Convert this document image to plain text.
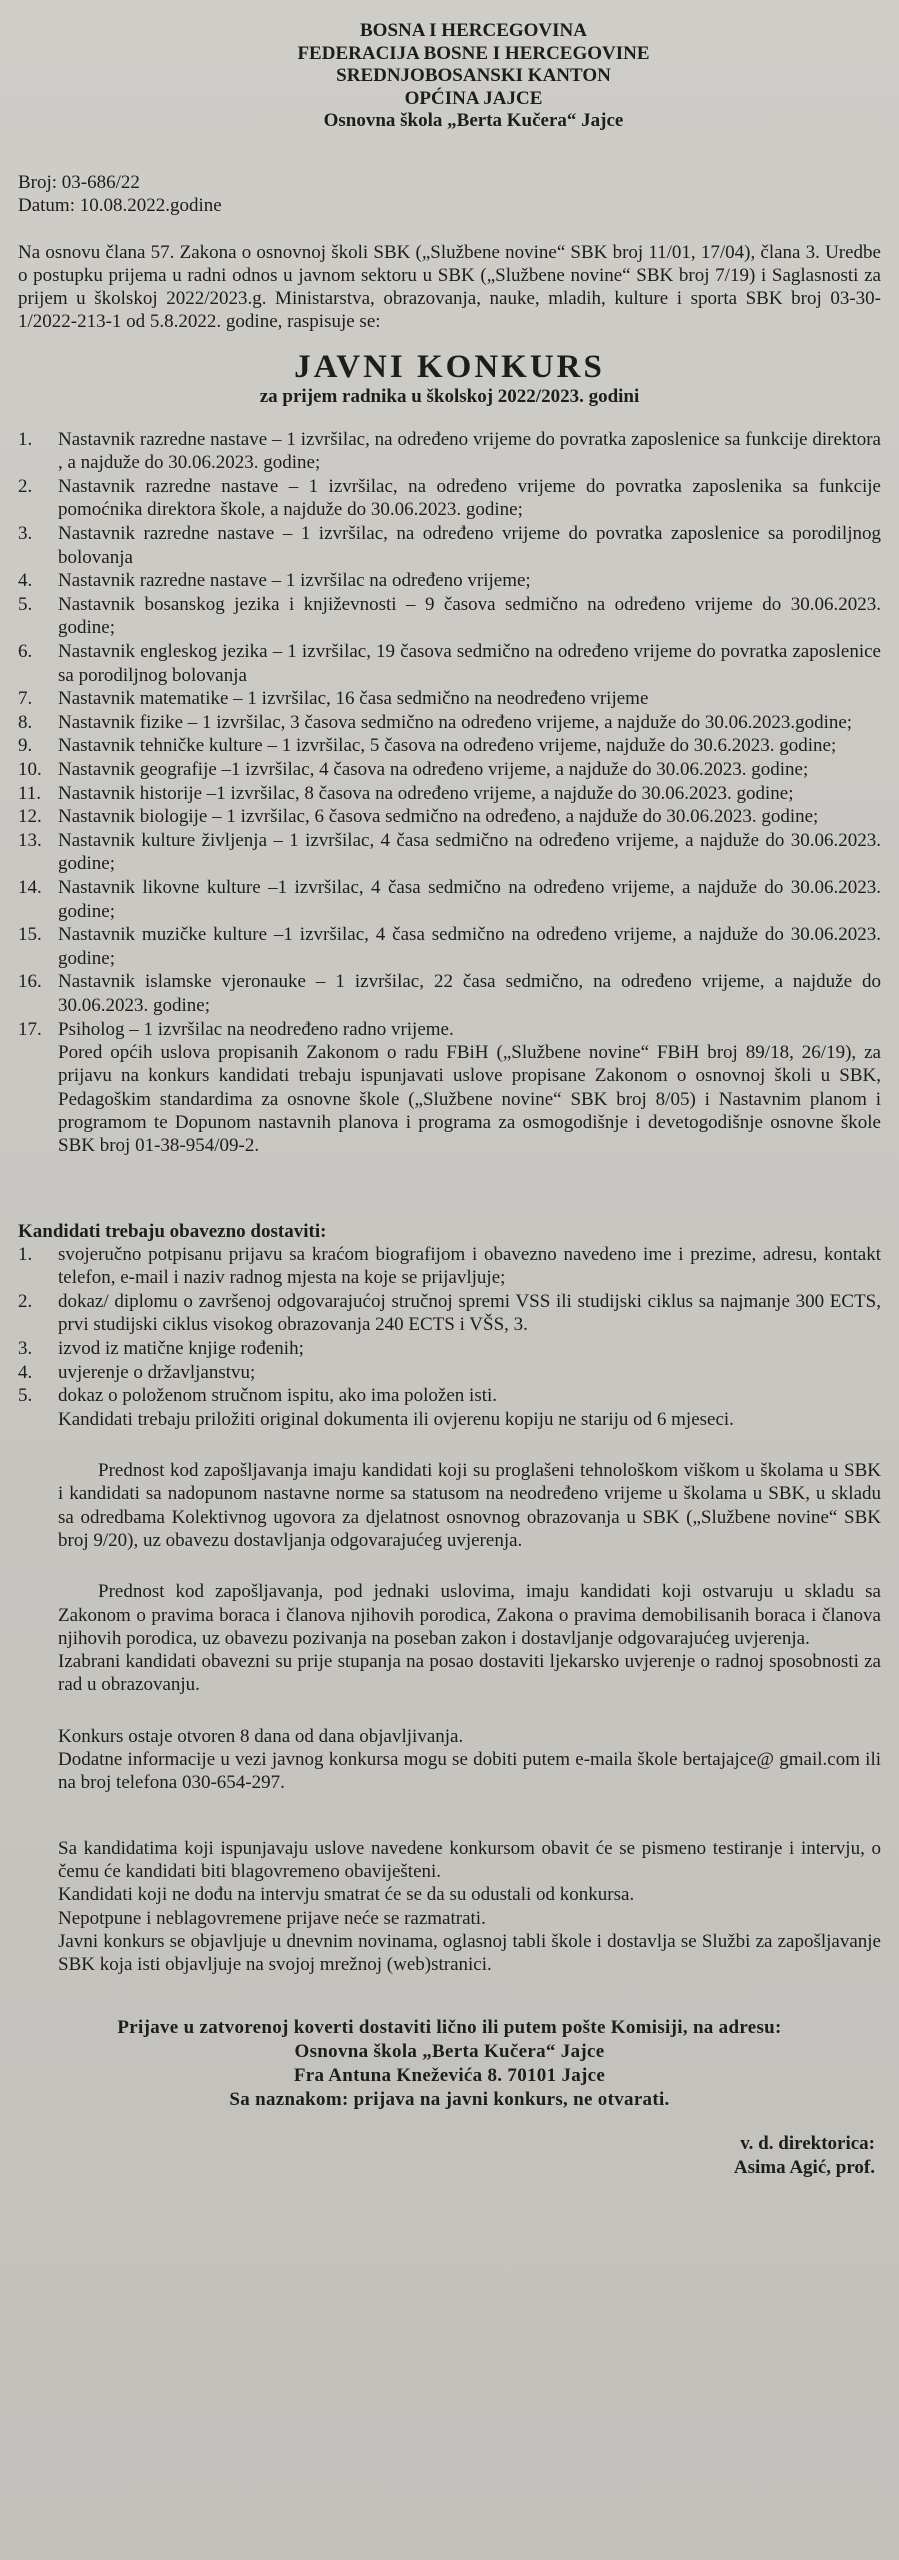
BOSNA I HERCEGOVINA
FEDERACIJA BOSNE I HERCEGOVINE
SREDNJOBOSANSKI KANTON
OPĆINA JAJCE
Osnovna škola „Berta Kučera“ Jajce
Broj: 03-686/22
Datum: 10.08.2022.godine

Na osnovu člana 57. Zakona o osnovnoj školi SBK („Službene novine“ SBK broj 11/01, 17/04), člana 3. Uredbe o postupku prijema u radni odnos u javnom sektoru u SBK („Službene novine“ SBK broj 7/19) i Saglasnosti za prijem u školskoj 2022/2023.g. Ministarstva, obrazovanja, nauke, mladih, kulture i sporta SBK broj 03-30-1/2022-213-1 od 5.8.2022. godine, raspisuje se:

JAVNI KONKURS
za prijem radnika u školskoj 2022/2023. godini
1.	Nastavnik razredne nastave – 1 izvršilac, na određeno vrijeme do povratka zaposlenice sa funkcije direktora , a najduže do 30.06.2023. godine;
2.	Nastavnik razredne nastave – 1 izvršilac, na određeno vrijeme do povratka zaposlenika sa funkcije pomoćnika direktora škole, a najduže do 30.06.2023. godine;
3.	Nastavnik razredne nastave – 1 izvršilac, na određeno vrijeme do povratka zaposlenice sa porodiljnog bolovanja
4.	Nastavnik razredne nastave – 1 izvršilac na određeno vrijeme;
5.	Nastavnik bosanskog jezika i književnosti – 9 časova sedmično na određeno vrijeme do 30.06.2023. godine;
6.	Nastavnik engleskog jezika – 1 izvršilac, 19 časova sedmično na određeno vrijeme do povratka zaposlenice sa porodiljnog bolovanja
7.	Nastavnik matematike – 1 izvršilac, 16 časa sedmično na neodređeno vrijeme
8.	Nastavnik fizike – 1 izvršilac, 3 časova sedmično na određeno vrijeme, a najduže do 30.06.2023.godine;
9.	Nastavnik tehničke kulture – 1 izvršilac, 5 časova na određeno vrijeme, najduže do 30.6.2023. godine;
10. Nastavnik geografije –1 izvršilac, 4 časova na određeno vrijeme, a najduže do 30.06.2023. godine;
11. Nastavnik historije –1 izvršilac, 8 časova na određeno vrijeme, a najduže do 30.06.2023. godine;
12. Nastavnik biologije – 1 izvršilac, 6 časova sedmično na određeno, a najduže do 30.06.2023. godine;
13. Nastavnik kulture življenja – 1 izvršilac, 4 časa sedmično na određeno vrijeme, a najduže do 30.06.2023. godine;
14. Nastavnik likovne kulture –1 izvršilac, 4 časa sedmično na određeno vrijeme, a najduže do 30.06.2023. godine;
15. Nastavnik muzičke kulture –1 izvršilac, 4 časa sedmično na određeno vrijeme, a najduže do 30.06.2023. godine;
16. Nastavnik islamske vjeronauke – 1 izvršilac, 22 časa sedmično, na određeno vrijeme, a najduže do 30.06.2023. godine;
17. Psiholog – 1 izvršilac na neodređeno radno vrijeme.

Pored općih uslova propisanih Zakonom o radu FBiH („Službene novine“ FBiH broj 89/18, 26/19), za prijavu na konkurs kandidati trebaju ispunjavati uslove propisane Zakonom o osnovnoj školi u SBK, Pedagoškim standardima za osnovne škole („Službene novine“ SBK broj 8/05) i Nastavnim planom i programom te Dopunom nastavnih planova i programa za osmogodišnje i devetogodišnje osnovne škole SBK broj 01-38-954/09-2.

Kandidati trebaju obavezno dostaviti:
1.	svojeručno potpisanu prijavu sa kraćom biografijom i obavezno navedeno ime i prezime, adresu, kontakt telefon, e-mail i naziv radnog mjesta na koje se prijavljuje;
2.	dokaz/ diplomu o završenoj odgovarajućoj stručnoj spremi VSS ili studijski ciklus sa najmanje 300 ECTS, prvi studijski ciklus visokog obrazovanja 240 ECTS i VŠS, 3.
3.	izvod iz matične knjige rođenih;
4.	uvjerenje o državljanstvu;
5.	dokaz o položenom stručnom ispitu, ako ima položen isti.

Kandidati trebaju priložiti original dokumenta ili ovjerenu kopiju ne stariju od 6 mjeseci.

Prednost kod zapošljavanja imaju kandidati koji su proglašeni tehnološkom viškom u školama u SBK i kandidati sa nadopunom nastavne norme sa statusom na neodređeno vrijeme u školama u SBK, u skladu sa odredbama Kolektivnog ugovora za djelatnost osnovnog obrazovanja u SBK („Službene novine“ SBK broj 9/20), uz obavezu dostavljanja odgovarajućeg uvjerenja.

Prednost kod zapošljavanja, pod jednaki uslovima, imaju kandidati koji ostvaruju u skladu sa Zakonom o pravima boraca i članova njihovih porodica, Zakona o pravima demobilisanih boraca i članova njihovih porodica, uz obavezu pozivanja na poseban zakon i dostavljanje odgovarajućeg uvjerenja.

Izabrani kandidati obavezni su prije stupanja na posao dostaviti ljekarsko uvjerenje o radnoj sposobnosti za rad u obrazovanju.

Konkurs ostaje otvoren 8 dana od dana objavljivanja.

Dodatne informacije u vezi javnog konkursa mogu se dobiti putem e-maila škole bertajajce@ gmail.com ili na broj telefona 030-654-297.

Sa kandidatima koji ispunjavaju uslove navedene konkursom obavit će se pismeno testiranje i intervju, o čemu će kandidati biti blagovremeno obaviješteni.

Kandidati koji ne dođu na intervju smatrat će se da su odustali od konkursa.

Nepotpune i neblagovremene prijave neće se razmatrati.

Javni konkurs se objavljuje u dnevnim novinama, oglasnoj tabli škole i dostavlja se Službi za zapošljavanje SBK koja isti objavljuje na svojoj mrežnoj (web)stranici.

Prijave u zatvorenoj koverti dostaviti lično ili putem pošte Komisiji, na adresu:
Osnovna škola „Berta Kučera“ Jajce
Fra Antuna Kneževića 8. 70101 Jajce
Sa naznakom: prijava na javni konkurs, ne otvarati.
v. d. direktorica:
Asima Agić, prof.
